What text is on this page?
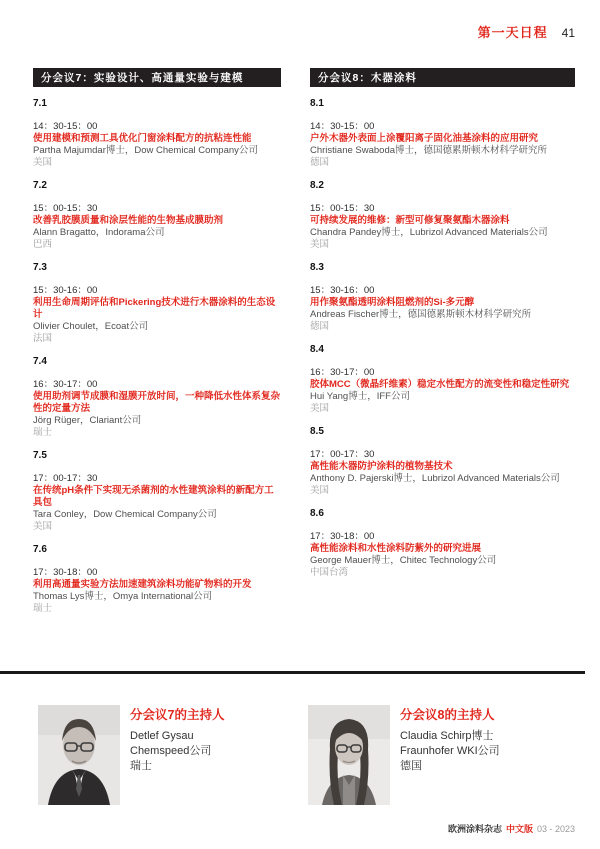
第一天日程 41
分会议7：实验设计、高通量实验与建模
7.1
14：30-15：00
使用建模和预测工具优化门窗涂料配方的抗粘连性能
Partha Majumdar博士，Dow Chemical Company公司
美国
7.2
15：00-15：30
改善乳胶膜质量和涂层性能的生物基成膜助剂
Alann Bragatto，Indorama公司
巴西
7.3
15：30-16：00
利用生命周期评估和Pickering技术进行木器涂料的生态设计
Olivier Choulet，Ecoat公司
法国
7.4
16：30-17：00
使用助剂调节成膜和湿膜开放时间，一种降低水性体系复杂性的定量方法
Jörg Rüger，Clariant公司
瑞士
7.5
17：00-17：30
在传统pH条件下实现无杀菌剂的水性建筑涂料的新配方工具包
Tara Conley，Dow Chemical Company公司
美国
7.6
17：30-18：00
利用高通量实验方法加速建筑涂料功能矿物料的开发
Thomas Lys博士，Omya International公司
瑞士
分会议8：木器涂料
8.1
14：30-15：00
户外木器外表面上涂覆阳离子固化油基涂料的应用研究
Christiane Swaboda博士，德国德累斯顿木材科学研究所
德国
8.2
15：00-15：30
可持续发展的维修：新型可修复聚氨酯木器涂料
Chandra Pandey博士，Lubrizol Advanced Materials公司
美国
8.3
15：30-16：00
用作聚氨酯透明涂料阻燃剂的Si-多元醇
Andreas Fischer博士，德国德累斯顿木材科学研究所
德国
8.4
16：30-17：00
胶体MCC（微晶纤维素）稳定水性配方的流变性和稳定性研究
Hui Yang博士，IFF公司
美国
8.5
17：00-17：30
高性能木器防护涂料的植物基技术
Anthony D. Pajerski博士，Lubrizol Advanced Materials公司
美国
8.6
17：30-18：00
高性能涂料和水性涂料防紫外的研究进展
George Mauer博士，Chitec Technology公司
中国台湾
分会议7的主持人
Detlef Gysau
Chemspeed公司
瑞士
分会议8的主持人
Claudia Schirp博士
Fraunhofer WKI公司
德国
欧洲涂料杂志 中文版 03 - 2023
